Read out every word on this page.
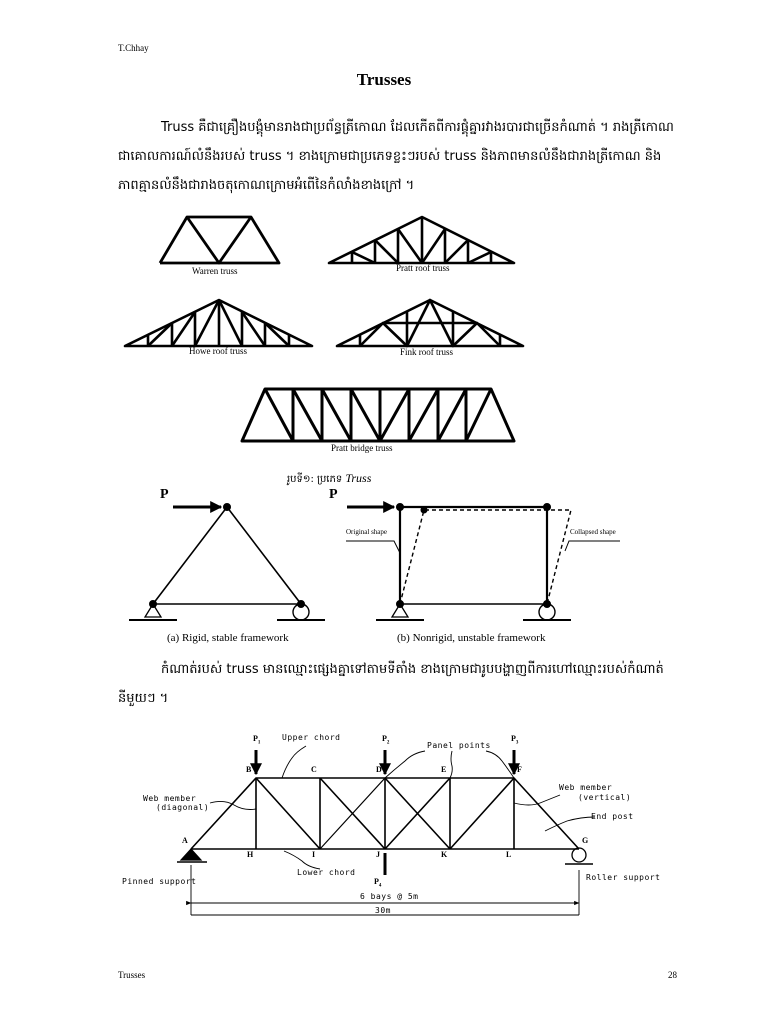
T.Chhay
Trusses
Truss គឺជាគ្រឿងបង្គុំមានរាងជាប្រព័ន្ធត្រីកោណ ដែលកើតពីការផ្គុំគ្នារវាងរបារជាច្រើនកំណាត់ ។ រាងត្រីកោណ
ជាគោលការណ៍លំនឹងរបស់ truss ។ ខាងក្រោមជាប្រភេទខ្លះៗរបស់ truss និងភាពមានលំនឹងជារាងត្រីកោណ និង
ភាពគ្មានលំនឹងជារាងចតុកោណក្រោមអំពើនៃកំលាំងខាងក្រៅ ។
Warren truss	Pratt roof truss
Howe roof truss	Fink roof truss
Pratt bridge truss
រូបទី១: ប្រភេទ Truss
P	P
Original shape	Collapsed shape
(a) Rigid, stable framework	(b) Nonrigid, unstable framework
កំណាត់របស់ truss មានឈ្មោះផ្សេងគ្នាទៅតាមទីតាំង ខាងក្រោមជារូបបង្ហាញពីការហៅឈ្មោះរបស់កំណាត់
នីមួយៗ ។
$P_1$
$P_2$
$P_3$
$P_4$
B	C	D	E	F
A	G
H	I	J	K	L
Upper chord
Panel points
Web member
(diagonal)
Web member
(vertical)
End post
Lower chord
Pinned support	Roller support
6 bays @ 5m
30m
Trusses	28
